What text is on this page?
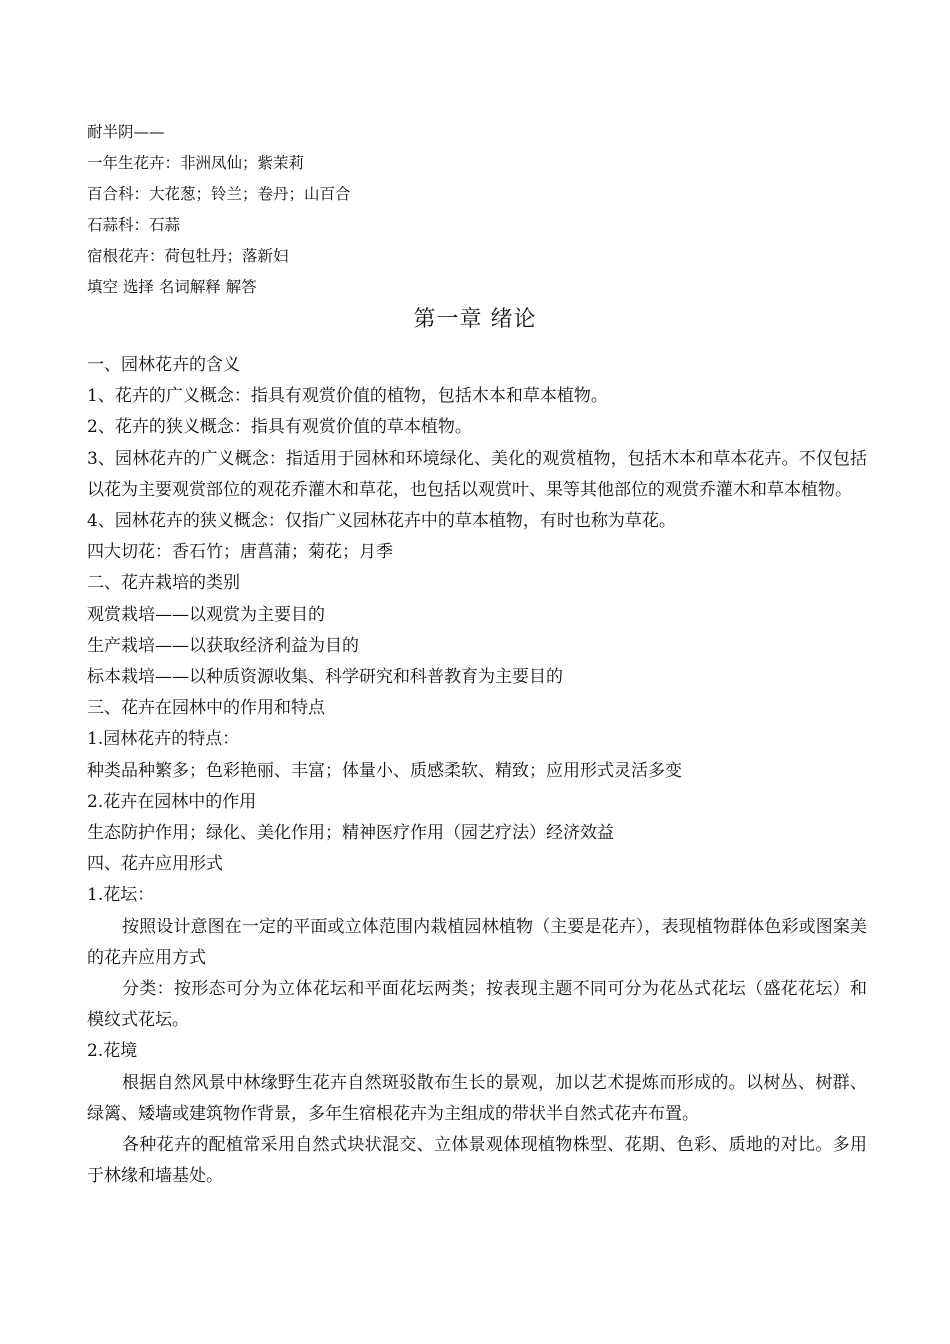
耐半阴——
一年生花卉：非洲凤仙；紫茉莉
百合科：大花葱；铃兰；卷丹；山百合
石蒜科：石蒜
宿根花卉：荷包牡丹；落新妇
填空 选择 名词解释 解答
第一章 绪论
一、园林花卉的含义
1、花卉的广义概念：指具有观赏价值的植物，包括木本和草本植物。
2、花卉的狭义概念：指具有观赏价值的草本植物。
3、园林花卉的广义概念：指适用于园林和环境绿化、美化的观赏植物，包括木本和草本花卉。不仅包括以花为主要观赏部位的观花乔灌木和草花，也包括以观赏叶、果等其他部位的观赏乔灌木和草本植物。
4、园林花卉的狭义概念：仅指广义园林花卉中的草本植物，有时也称为草花。
四大切花：香石竹；唐菖蒲；菊花；月季
二、花卉栽培的类别
观赏栽培——以观赏为主要目的
生产栽培——以获取经济利益为目的
标本栽培——以种质资源收集、科学研究和科普教育为主要目的
三、花卉在园林中的作用和特点
1.园林花卉的特点：
种类品种繁多；色彩艳丽、丰富；体量小、质感柔软、精致；应用形式灵活多变
2.花卉在园林中的作用
生态防护作用；绿化、美化作用；精神医疗作用（园艺疗法）经济效益
四、花卉应用形式
1.花坛：
按照设计意图在一定的平面或立体范围内栽植园林植物（主要是花卉），表现植物群体色彩或图案美的花卉应用方式
分类：按形态可分为立体花坛和平面花坛两类；按表现主题不同可分为花丛式花坛（盛花花坛）和模纹式花坛。
2.花境
根据自然风景中林缘野生花卉自然斑驳散布生长的景观，加以艺术提炼而形成的。以树丛、树群、绿篱、矮墙或建筑物作背景，多年生宿根花卉为主组成的带状半自然式花卉布置。
各种花卉的配植常采用自然式块状混交、立体景观体现植物株型、花期、色彩、质地的对比。多用于林缘和墙基处。
